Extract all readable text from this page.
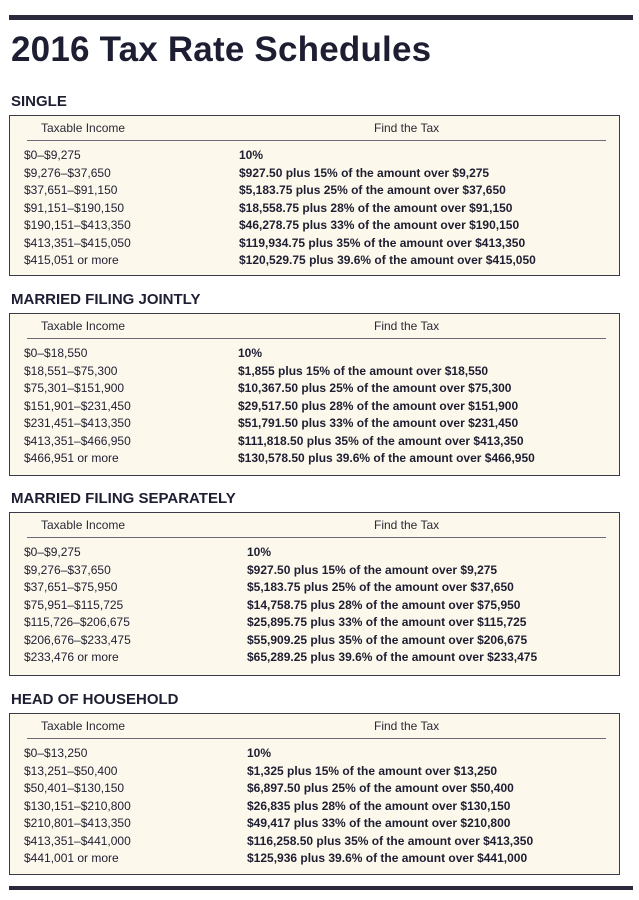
2016 Tax Rate Schedules
SINGLE
Taxable Income	Find the Tax
$0–$9,275	10%
$9,276–$37,650	$927.50 plus 15% of the amount over $9,275
$37,651–$91,150	$5,183.75 plus 25% of the amount over $37,650
$91,151–$190,150	$18,558.75 plus 28% of the amount over $91,150
$190,151–$413,350	$46,278.75 plus 33% of the amount over $190,150
$413,351–$415,050	$119,934.75 plus 35% of the amount over $413,350
$415,051 or more	$120,529.75 plus 39.6% of the amount over $415,050
MARRIED FILING JOINTLY
Taxable Income	Find the Tax
$0–$18,550	10%
$18,551–$75,300	$1,855 plus 15% of the amount over $18,550
$75,301–$151,900	$10,367.50 plus 25% of the amount over $75,300
$151,901–$231,450	$29,517.50 plus 28% of the amount over $151,900
$231,451–$413,350	$51,791.50 plus 33% of the amount over $231,450
$413,351–$466,950	$111,818.50 plus 35% of the amount over $413,350
$466,951 or more	$130,578.50 plus 39.6% of the amount over $466,950
MARRIED FILING SEPARATELY
Taxable Income	Find the Tax
$0–$9,275	10%
$9,276–$37,650	$927.50 plus 15% of the amount over $9,275
$37,651–$75,950	$5,183.75 plus 25% of the amount over $37,650
$75,951–$115,725	$14,758.75 plus 28% of the amount over $75,950
$115,726–$206,675	$25,895.75 plus 33% of the amount over $115,725
$206,676–$233,475	$55,909.25 plus 35% of the amount over $206,675
$233,476 or more	$65,289.25 plus 39.6% of the amount over $233,475
HEAD OF HOUSEHOLD
Taxable Income	Find the Tax
$0–$13,250	10%
$13,251–$50,400	$1,325 plus 15% of the amount over $13,250
$50,401–$130,150	$6,897.50 plus 25% of the amount over $50,400
$130,151–$210,800	$26,835 plus 28% of the amount over $130,150
$210,801–$413,350	$49,417 plus 33% of the amount over $210,800
$413,351–$441,000	$116,258.50 plus 35% of the amount over $413,350
$441,001 or more	$125,936 plus 39.6% of the amount over $441,000
